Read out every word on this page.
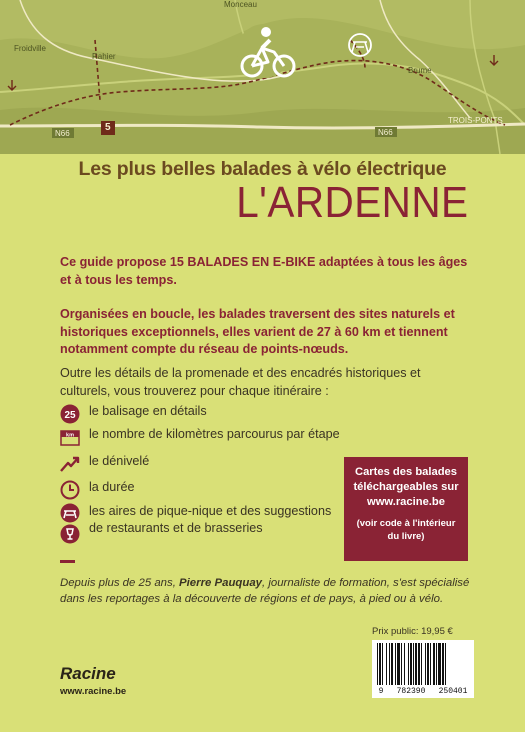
Monceau
Froidville
Rahier
Brume
TROIS-PONTS
N66	N66
5
Les plus belles balades à vélo électrique
L'ARDENNE

Ce guide propose 15 BALADES EN E-BIKE adaptées à tous les âges et à tous les temps.

Organisées en boucle, les balades traversent des sites naturels et historiques exceptionnels, elles varient de 27 à 60 km et tiennent notamment compte du réseau de points-nœuds.

Outre les détails de la promenade et des encadrés historiques et culturels, vous trouverez pour chaque itinéraire :

25 le balisage en détails
km le nombre de kilomètres parcourus par étape
le dénivelé
la durée
les aires de pique-nique et des suggestions
de restaurants et de brasseries
Cartes des balades
téléchargeables sur
www.racine.be
(voir code à l'intérieur
du livre)

Depuis plus de 25 ans, Pierre Pauquay, journaliste de formation, s'est spécialisé dans les reportages à la découverte de régions et de pays, à pied ou à vélo.

Prix public: 19,95 €
9 782390 250401
Racine
www.racine.be
